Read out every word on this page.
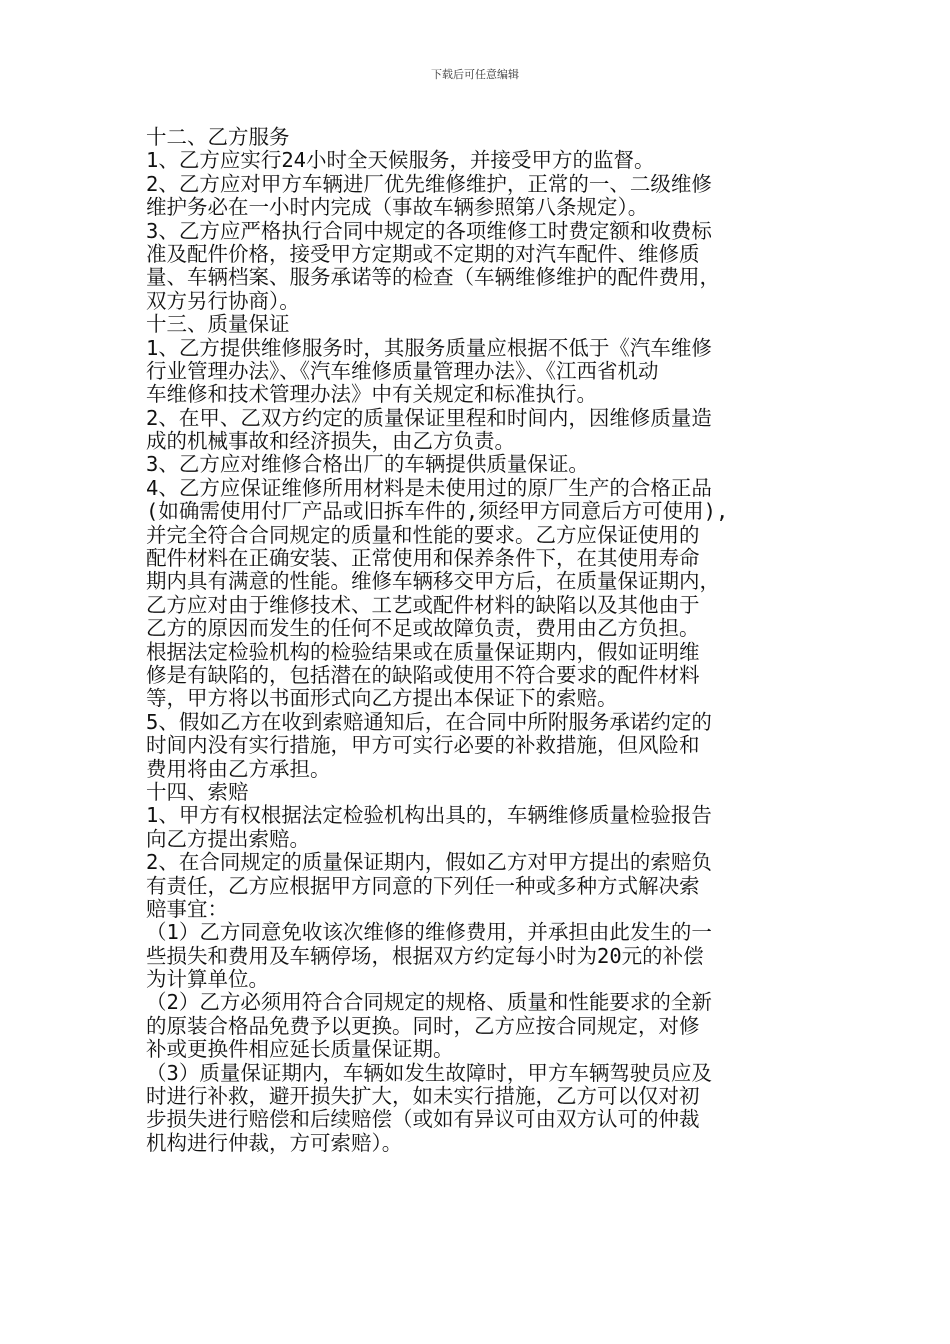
下载后可任意编辑
十二、乙方服务
1、乙方应实行24小时全天候服务，并接受甲方的监督。
2、乙方应对甲方车辆进厂优先维修维护，正常的一、二级维修
维护务必在一小时内完成（事故车辆参照第八条规定）。
3、乙方应严格执行合同中规定的各项维修工时费定额和收费标
准及配件价格，接受甲方定期或不定期的对汽车配件、维修质
量、车辆档案、服务承诺等的检查（车辆维修维护的配件费用，
双方另行协商）。
十三、质量保证
1、乙方提供维修服务时，其服务质量应根据不低于《汽车维修
行业管理办法》、《汽车维修质量管理办法》、《江西省机动
车维修和技术管理办法》中有关规定和标准执行。
2、在甲、乙双方约定的质量保证里程和时间内，因维修质量造
成的机械事故和经济损失，由乙方负责。
3、乙方应对维修合格出厂的车辆提供质量保证。
4、乙方应保证维修所用材料是未使用过的原厂生产的合格正品
(如确需使用付厂产品或旧拆车件的,须经甲方同意后方可使用),
并完全符合合同规定的质量和性能的要求。乙方应保证使用的
配件材料在正确安装、正常使用和保养条件下，在其使用寿命
期内具有满意的性能。维修车辆移交甲方后，在质量保证期内，
乙方应对由于维修技术、工艺或配件材料的缺陷以及其他由于
乙方的原因而发生的任何不足或故障负责，费用由乙方负担。
根据法定检验机构的检验结果或在质量保证期内，假如证明维
修是有缺陷的，包括潜在的缺陷或使用不符合要求的配件材料
等，甲方将以书面形式向乙方提出本保证下的索赔。
5、假如乙方在收到索赔通知后，在合同中所附服务承诺约定的
时间内没有实行措施，甲方可实行必要的补救措施，但风险和
费用将由乙方承担。
十四、索赔
1、甲方有权根据法定检验机构出具的，车辆维修质量检验报告
向乙方提出索赔。
2、在合同规定的质量保证期内，假如乙方对甲方提出的索赔负
有责任，乙方应根据甲方同意的下列任一种或多种方式解决索
赔事宜：
（1）乙方同意免收该次维修的维修费用，并承担由此发生的一
些损失和费用及车辆停场，根据双方约定每小时为20元的补偿
为计算单位。
（2）乙方必须用符合合同规定的规格、质量和性能要求的全新
的原装合格品免费予以更换。同时，乙方应按合同规定，对修
补或更换件相应延长质量保证期。
（3）质量保证期内，车辆如发生故障时，甲方车辆驾驶员应及
时进行补救，避开损失扩大，如未实行措施，乙方可以仅对初
步损失进行赔偿和后续赔偿（或如有异议可由双方认可的仲裁
机构进行仲裁，方可索赔）。
